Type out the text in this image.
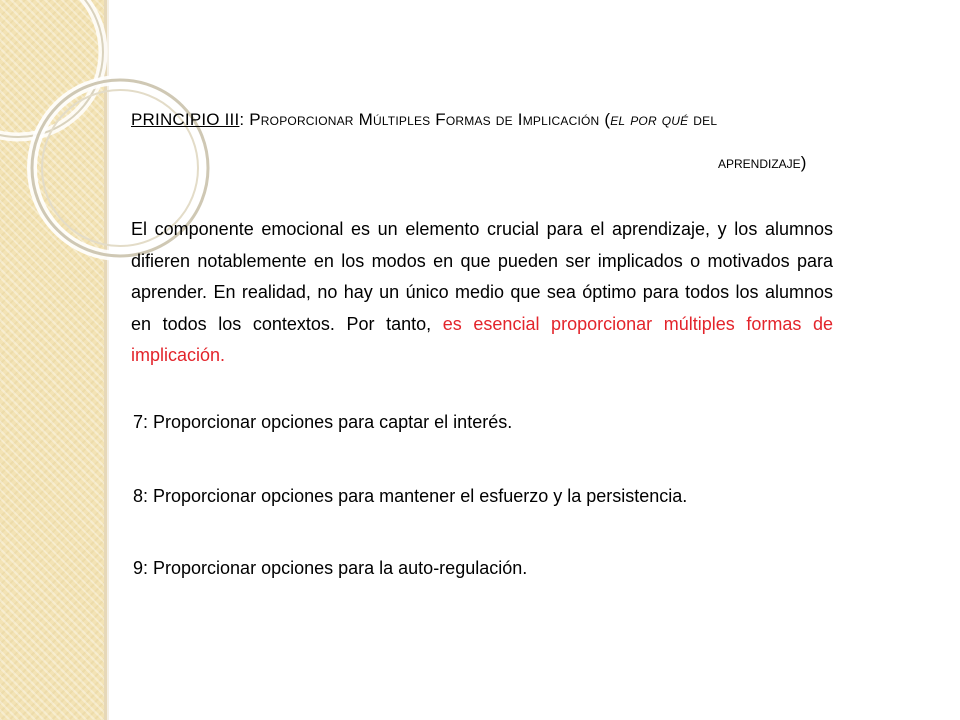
PRINCIPIO III: Proporcionar Múltiples Formas de Implicación (el por qué del
aprendizaje)
El componente emocional es un elemento crucial para el aprendizaje, y los alumnos difieren notablemente en los modos en que pueden ser implicados o motivados para aprender. En realidad, no hay un único medio que sea óptimo para todos los alumnos en todos los contextos. Por tanto, es esencial proporcionar múltiples formas de implicación.
7: Proporcionar opciones para captar el interés.
8: Proporcionar opciones para mantener el esfuerzo y la persistencia.
9: Proporcionar opciones para la auto-regulación.
